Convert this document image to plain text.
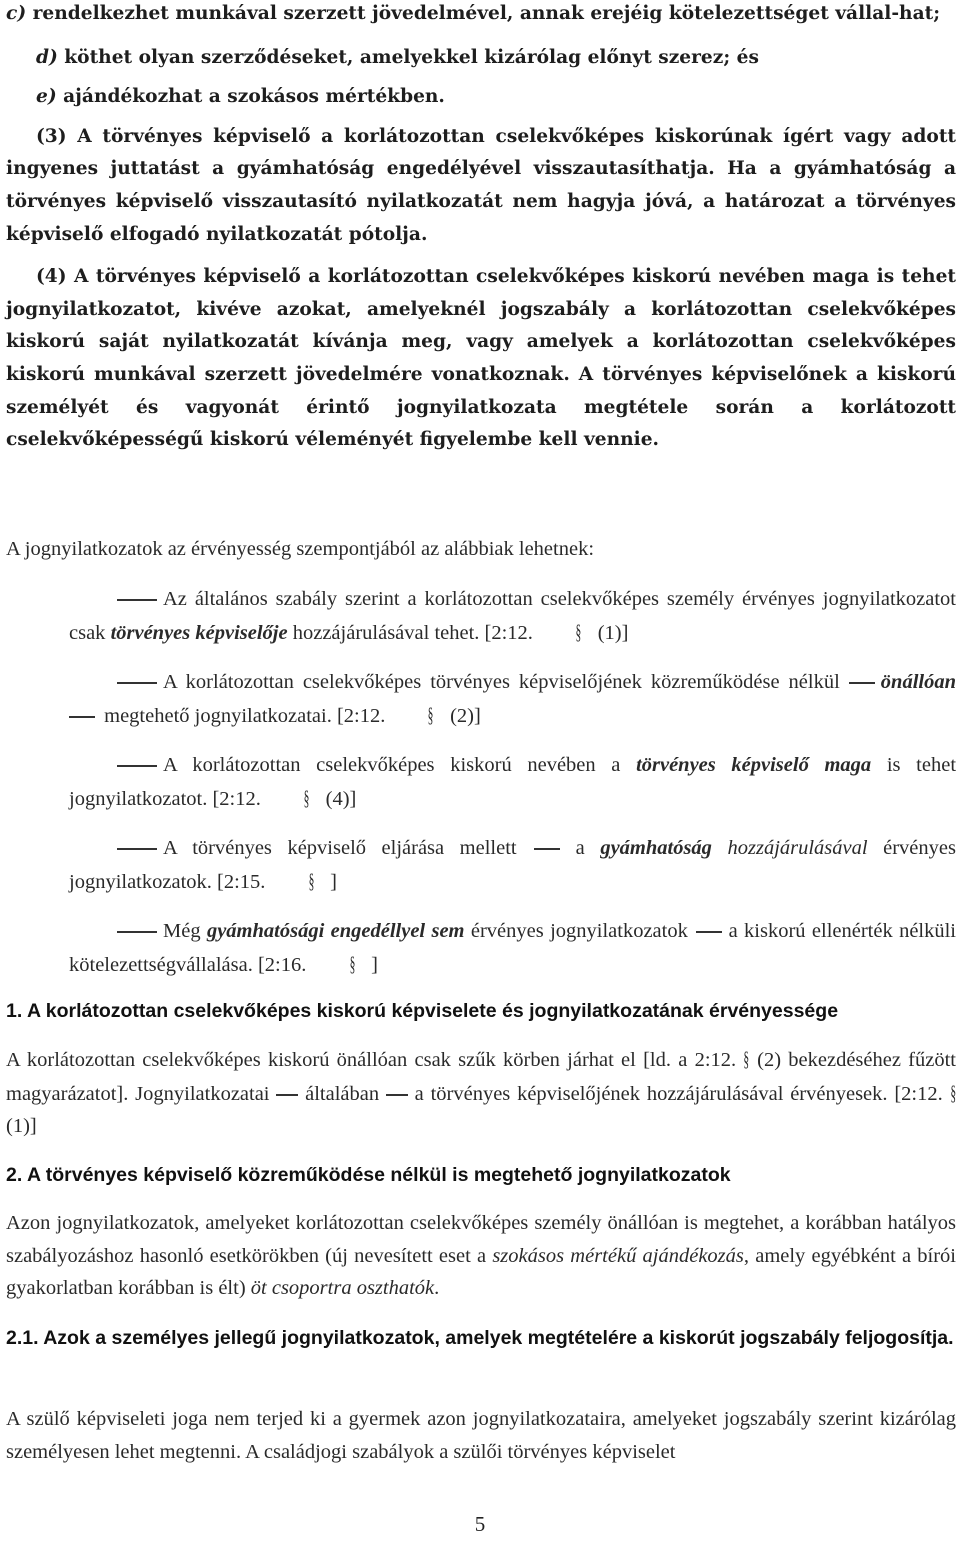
c) rendelkezhet munkával szerzett jövedelmével, annak erejéig kötelezettséget vállal-hat;

d) köthet olyan szerződéseket, amelyekkel kizárólag előnyt szerez; és

e) ajándékozhat a szokásos mértékben.

(3) A törvényes képviselő a korlátozottan cselekvőképes kiskorúnak ígért vagy adott ingyenes juttatást a gyámhatóság engedélyével visszautasíthatja. Ha a gyámhatóság a törvényes képviselő visszautasító nyilatkozatát nem hagyja jóvá, a határozat a törvényes képviselő elfogadó nyilatkozatát pótolja.

(4) A törvényes képviselő a korlátozottan cselekvőképes kiskorú nevében maga is tehet jognyilatkozatot, kivéve azokat, amelyeknél jogszabály a korlátozottan cselekvőképes kiskorú saját nyilatkozatát kívánja meg, vagy amelyek a korlátozottan cselekvőképes kiskorú munkával szerzett jövedelmére vonatkoznak. A törvényes képviselőnek a kiskorú személyét és vagyonát érintő jognyilatkozata megtétele során a korlátozott cselekvőképességű kiskorú véleményét figyelembe kell vennie.

A jognyilatkozatok az érvényesség szempontjából az alábbiak lehetnek:

Az általános szabály szerint a korlátozottan cselekvőképes személy érvényes jognyilatkozatot csak törvényes képviselője hozzájárulásával tehet. [2:12. § (1)]

A korlátozottan cselekvőképes törvényes képviselőjének közreműködése nélkül önállóan  megtehető jognyilatkozatai. [2:12. § (2)]

A korlátozottan cselekvőképes kiskorú nevében a törvényes képviselő maga is tehet jognyilatkozatot. [2:12. § (4)]

A törvényes képviselő eljárása mellett  a gyámhatóság hozzájárulásával érvényes jognyilatkozatok. [2:15. § ]

Még gyámhatósági engedéllyel sem érvényes jognyilatkozatok  a kiskorú ellenérték nélküli kötelezettségvállalása. [2:16. § ]

1. A korlátozottan cselekvőképes kiskorú képviselete és jognyilatkozatának érvényessége

A korlátozottan cselekvőképes kiskorú önállóan csak szűk körben járhat el [ld. a 2:12. § (2) bekezdéséhez fűzött magyarázatot]. Jognyilatkozatai  általában  a törvényes képviselőjének hozzájárulásával érvényesek. [2:12. § (1)]

2. A törvényes képviselő közreműködése nélkül is megtehető jognyilatkozatok

Azon jognyilatkozatok, amelyeket korlátozottan cselekvőképes személy önállóan is megtehet, a korábban hatályos szabályozáshoz hasonló esetkörökben (új nevesített eset a szokásos mértékű ajándékozás, amely egyébként a bírói gyakorlatban korábban is élt) öt csoportra oszthatók.

2.1. Azok a személyes jellegű jognyilatkozatok, amelyek megtételére a kiskorút jogszabály feljogosítja.

A szülő képviseleti joga nem terjed ki a gyermek azon jognyilatkozataira, amelyeket jogszabály szerint kizárólag személyesen lehet megtenni. A családjogi szabályok a szülői törvényes képviselet

5
